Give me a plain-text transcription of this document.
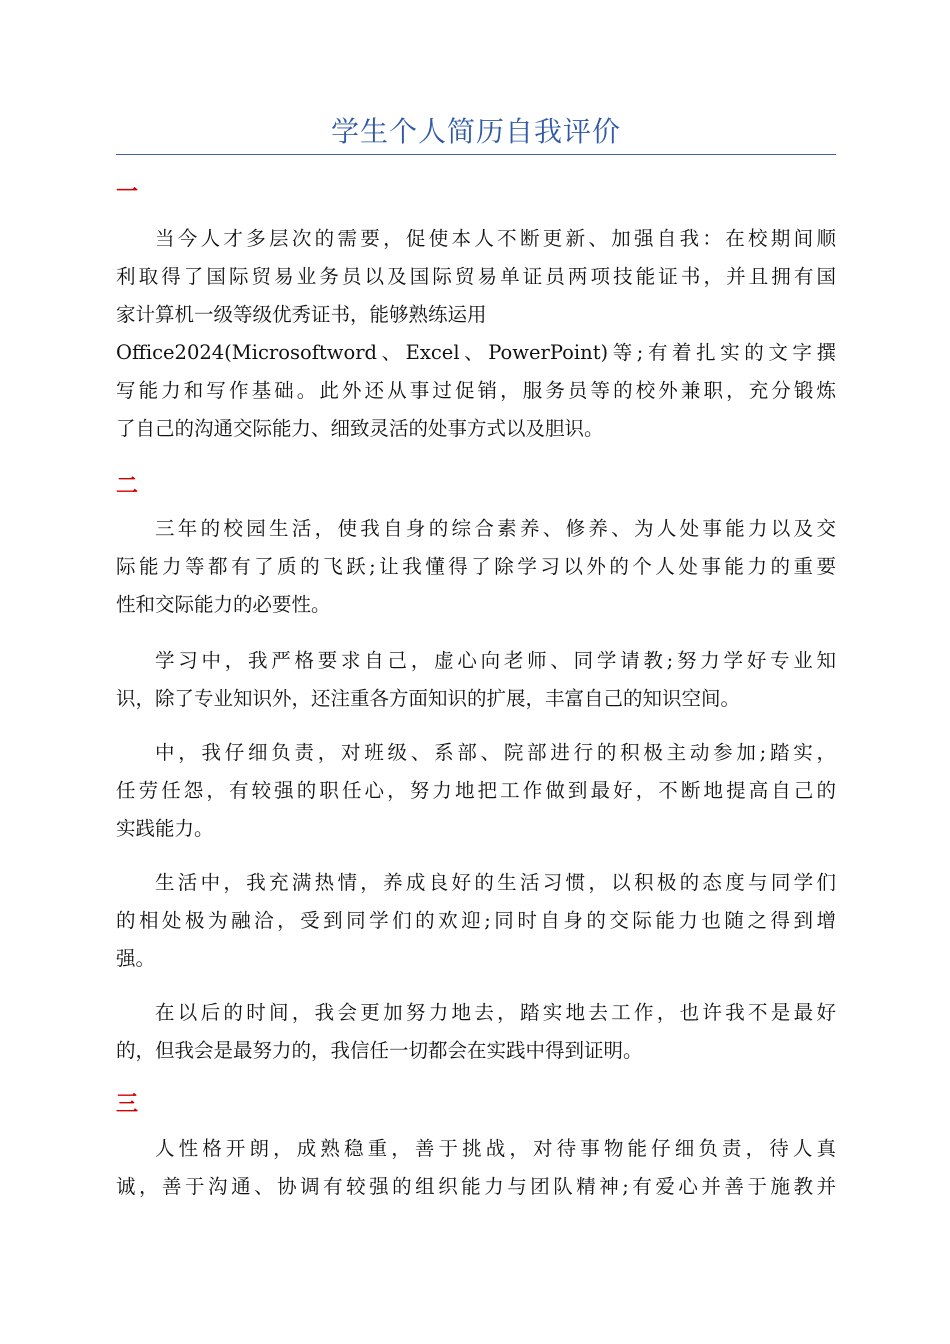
学生个人简历自我评价
一

当今人才多层次的需要，促使本人不断更新、加强自我：在校期间顺
利取得了国际贸易业务员以及国际贸易单证员两项技能证书，并且拥有国
家计算机一级等级优秀证书，能够熟练运用
Office2024(Microsoftword、Excel、PowerPoint)等;有着扎实的文字撰
写能力和写作基础。此外还从事过促销，服务员等的校外兼职，充分锻炼
了自己的沟通交际能力、细致灵活的处事方式以及胆识。

二

三年的校园生活，使我自身的综合素养、修养、为人处事能力以及交
际能力等都有了质的飞跃;让我懂得了除学习以外的个人处事能力的重要
性和交际能力的必要性。

学习中，我严格要求自己，虚心向老师、同学请教;努力学好专业知
识，除了专业知识外，还注重各方面知识的扩展，丰富自己的知识空间。

中，我仔细负责，对班级、系部、院部进行的积极主动参加;踏实，
任劳任怨，有较强的职任心，努力地把工作做到最好，不断地提高自己的
实践能力。

生活中，我充满热情，养成良好的生活习惯，以积极的态度与同学们
的相处极为融洽，受到同学们的欢迎;同时自身的交际能力也随之得到增
强。

在以后的时间，我会更加努力地去，踏实地去工作，也许我不是最好
的，但我会是最努力的，我信任一切都会在实践中得到证明。

三

人性格开朗，成熟稳重，善于挑战，对待事物能仔细负责，待人真
诚，善于沟通、协调有较强的组织能力与团队精神;有爱心并善于施教并
